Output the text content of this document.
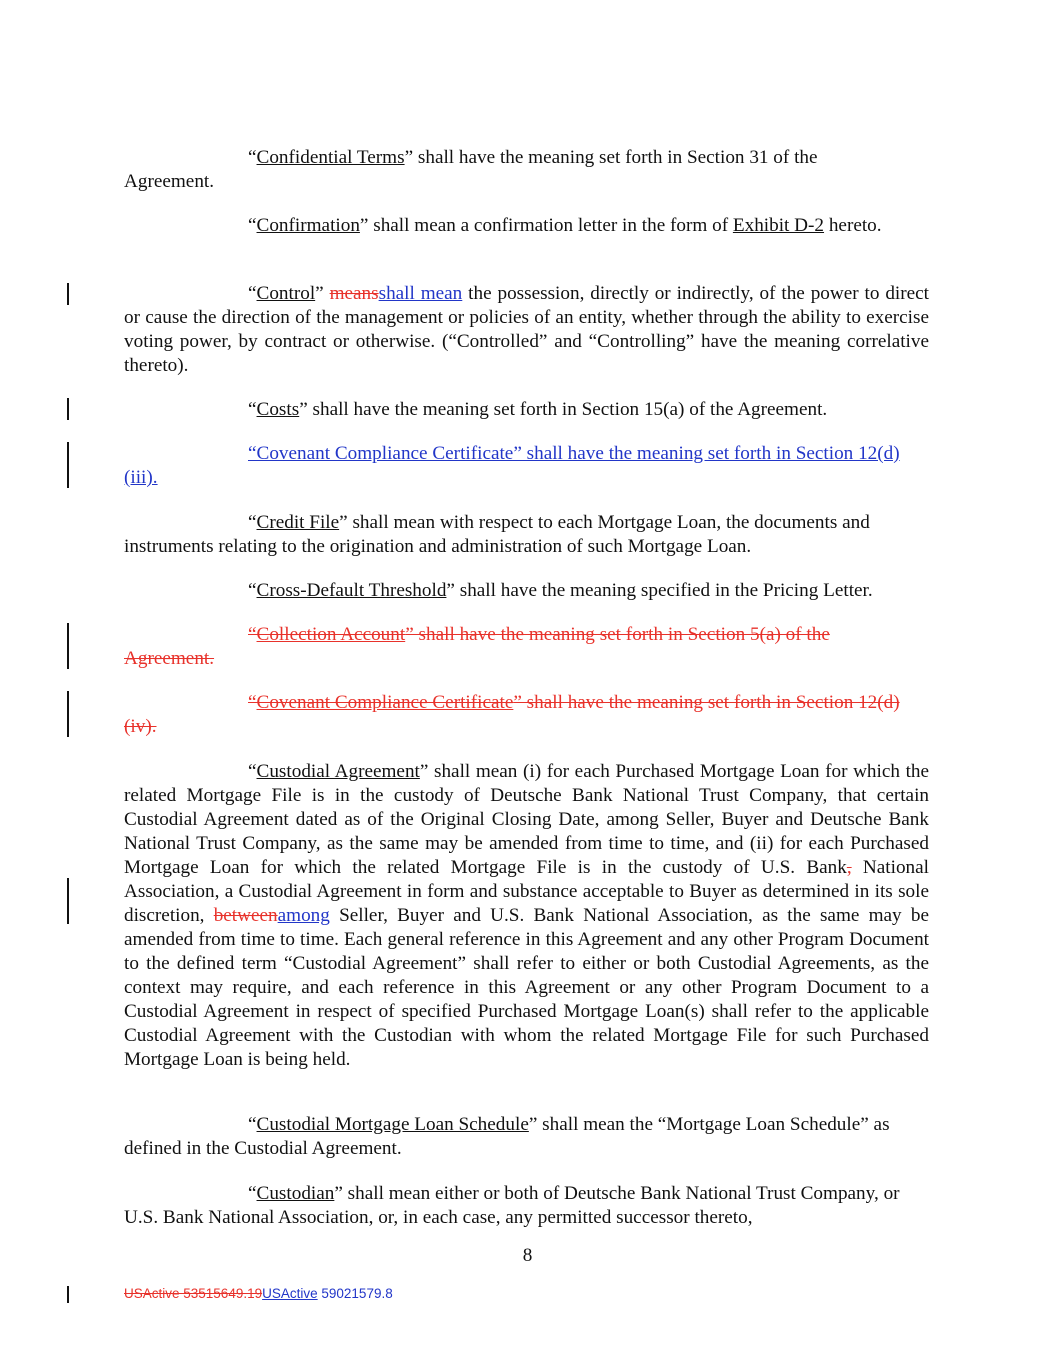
“Confidential Terms” shall have the meaning set forth in Section 31 of the Agreement.

“Confirmation” shall mean a confirmation letter in the form of Exhibit D-2 hereto.

“Control” meansshall mean the possession, directly or indirectly, of the power to direct or cause the direction of the management or policies of an entity, whether through the ability to exercise voting power, by contract or otherwise. (“Controlled” and “Controlling” have the meaning correlative thereto).

“Costs” shall have the meaning set forth in Section 15(a) of the Agreement.

“Covenant Compliance Certificate” shall have the meaning set forth in Section 12(d)(iii).

“Credit File” shall mean with respect to each Mortgage Loan, the documents and instruments relating to the origination and administration of such Mortgage Loan.

“Cross-Default Threshold” shall have the meaning specified in the Pricing Letter.

“Collection Account” shall have the meaning set forth in Section 5(a) of the Agreement.

“Covenant Compliance Certificate” shall have the meaning set forth in Section 12(d)(iv).

“Custodial Agreement” shall mean (i) for each Purchased Mortgage Loan for which the related Mortgage File is in the custody of Deutsche Bank National Trust Company, that certain Custodial Agreement dated as of the Original Closing Date, among Seller, Buyer and Deutsche Bank National Trust Company, as the same may be amended from time to time, and (ii) for each Purchased Mortgage Loan for which the related Mortgage File is in the custody of U.S. Bank, National Association, a Custodial Agreement in form and substance acceptable to Buyer as determined in its sole discretion, betweenamong Seller, Buyer and U.S. Bank National Association, as the same may be amended from time to time. Each general reference in this Agreement and any other Program Document to the defined term “Custodial Agreement” shall refer to either or both Custodial Agreements, as the context may require, and each reference in this Agreement or any other Program Document to a Custodial Agreement in respect of specified Purchased Mortgage Loan(s) shall refer to the applicable Custodial Agreement with the Custodian with whom the related Mortgage File for such Purchased Mortgage Loan is being held.

“Custodial Mortgage Loan Schedule” shall mean the “Mortgage Loan Schedule” as defined in the Custodial Agreement.

“Custodian” shall mean either or both of Deutsche Bank National Trust Company, or U.S. Bank National Association, or, in each case, any permitted successor thereto,

8
USActive 53515649.19USActive 59021579.8
